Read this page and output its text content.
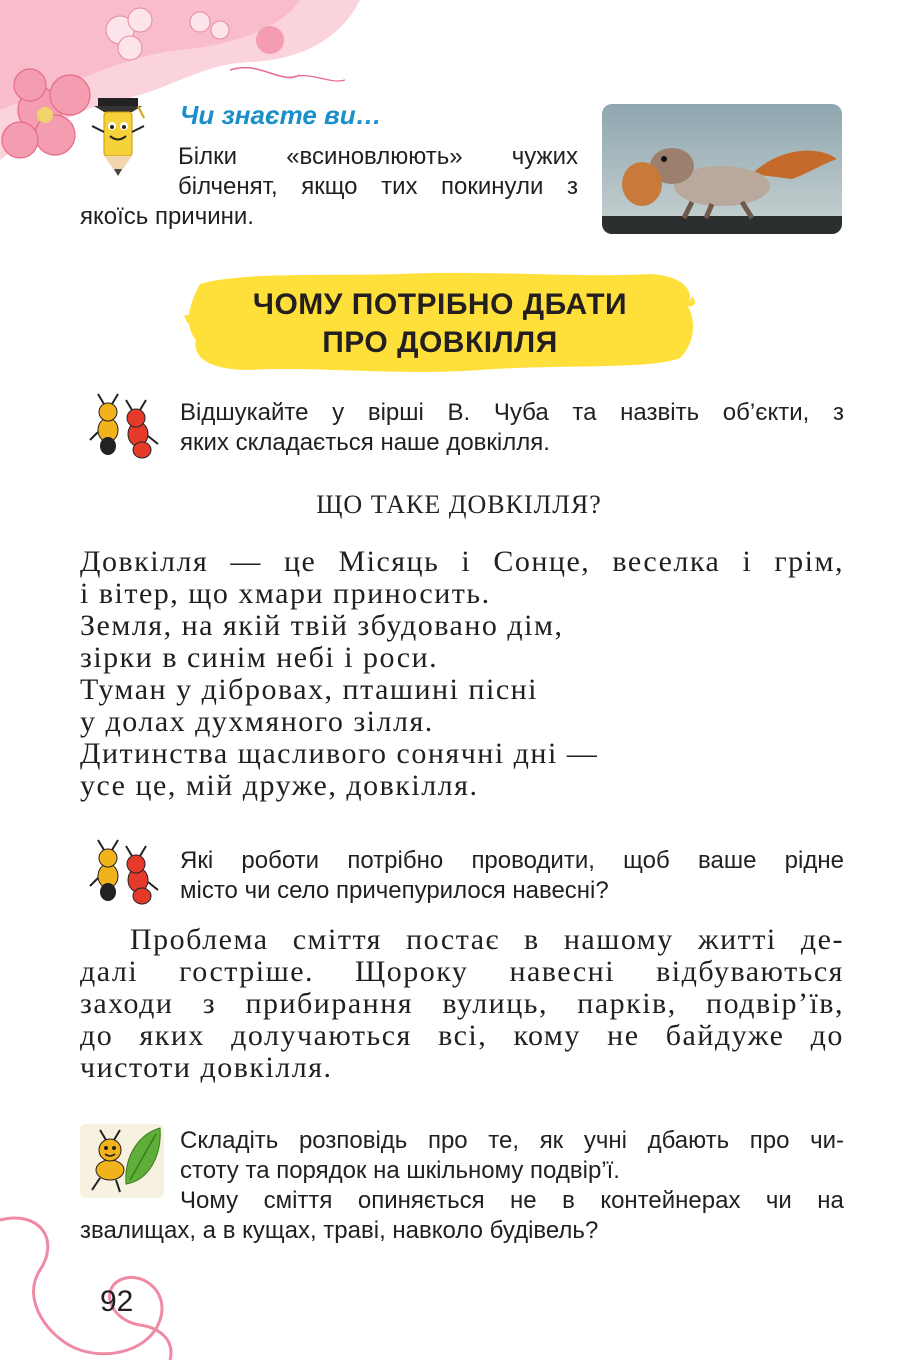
Чи знаєте ви…
Білки «всиновлюють» чужих
білченят, якщо тих покинули з
якоїсь причини.
ЧОМУ ПОТРІБНО ДБАТИ
ПРО ДОВКІЛЛЯ
Відшукайте у вірші В. Чуба та назвіть об’єкти, з
яких складається наше довкілля.
ЩО ТАКЕ ДОВКІЛЛЯ?
Довкілля — це Місяць і Сонце, веселка і грім,
і вітер, що хмари приносить.
Земля, на якій твій збудовано дім,
зірки в синім небі і роси.
Туман у дібровах, пташині пісні
у долах духмяного зілля.
Дитинства щасливого сонячні дні —
усе це, мій друже, довкілля.
Які роботи потрібно проводити, щоб ваше рідне
місто чи село причепурилося навесні?
Проблема сміття постає в нашому житті де-
далі гостріше. Щороку навесні відбуваються
заходи з прибирання вулиць, парків, подвір’їв,
до яких долучаються всі, кому не байдуже до
чистоти довкілля.
Складіть розповідь про те, як учні дбають про чи-
стоту та порядок на шкільному подвір’ї.
Чому сміття опиняється не в контейнерах чи на
звалищах, а в кущах, траві, навколо будівель?
92
